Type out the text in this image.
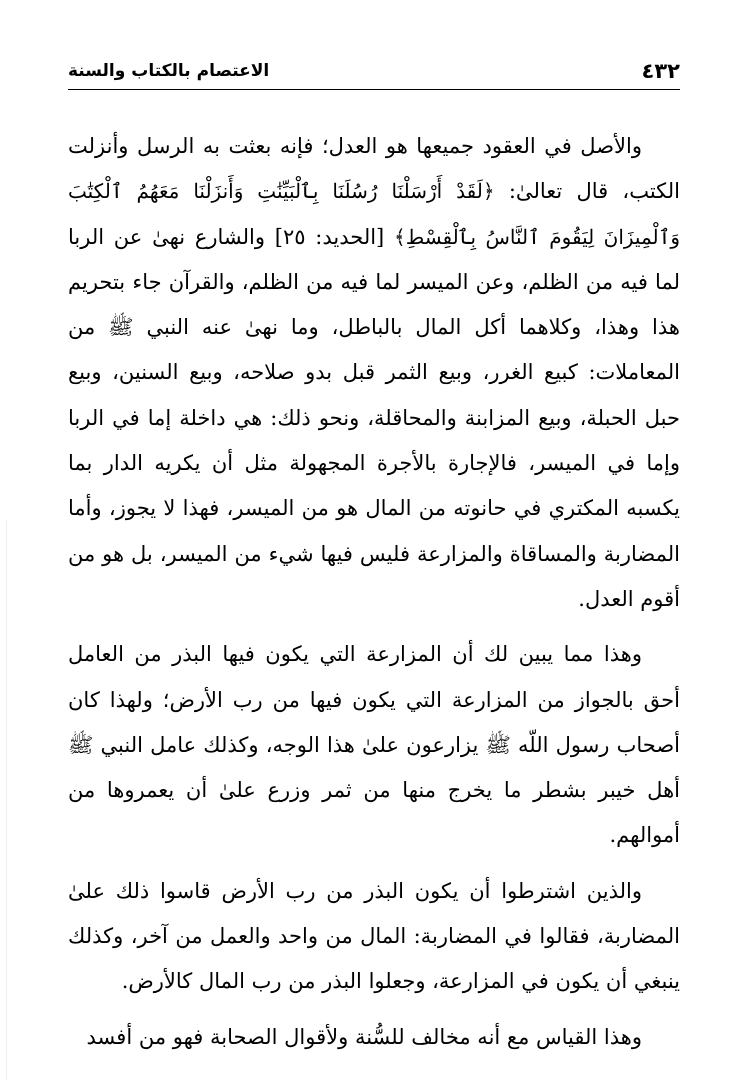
٤٣٢
الاعتصام بالكتاب والسنة

والأصل في العقود جميعها هو العدل؛ فإنه بعثت به الرسل وأنزلت الكتب، قال تعالىٰ: ﴿لَقَدْ أَرْسَلْنَا رُسُلَنَا بِٱلْبَيِّنَٰتِ وَأَنزَلْنَا مَعَهُمُ ٱلْكِتَٰبَ وَٱلْمِيزَانَ لِيَقُومَ ٱلنَّاسُ بِٱلْقِسْطِ﴾ [الحديد: ٢٥] والشارع نهىٰ عن الربا لما فيه من الظلم، وعن الميسر لما فيه من الظلم، والقرآن جاء بتحريم هذا وهذا، وكلاهما أكل المال بالباطل، وما نهىٰ عنه النبي ﷺ من المعاملات: كبيع الغرر، وبيع الثمر قبل بدو صلاحه، وبيع السنين، وبيع حبل الحبلة، وبيع المزابنة والمحاقلة، ونحو ذلك: هي داخلة إما في الربا وإما في الميسر، فالإجارة بالأجرة المجهولة مثل أن يكريه الدار بما يكسبه المكتري في حانوته من المال هو من الميسر، فهذا لا يجوز، وأما المضاربة والمساقاة والمزارعة فليس فيها شيء من الميسر، بل هو من أقوم العدل.

وهذا مما يبين لك أن المزارعة التي يكون فيها البذر من العامل أحق بالجواز من المزارعة التي يكون فيها من رب الأرض؛ ولهذا كان أصحاب رسول اللّه ﷺ يزارعون علىٰ هذا الوجه، وكذلك عامل النبي ﷺ أهل خيبر بشطر ما يخرج منها من ثمر وزرع علىٰ أن يعمروها من أموالهم.

والذين اشترطوا أن يكون البذر من رب الأرض قاسوا ذلك علىٰ المضاربة، فقالوا في المضاربة: المال من واحد والعمل من آخر، وكذلك ينبغي أن يكون في المزارعة، وجعلوا البذر من رب المال كالأرض.

وهذا القياس مع أنه مخالف للسُّنة ولأقوال الصحابة فهو من أفسد
